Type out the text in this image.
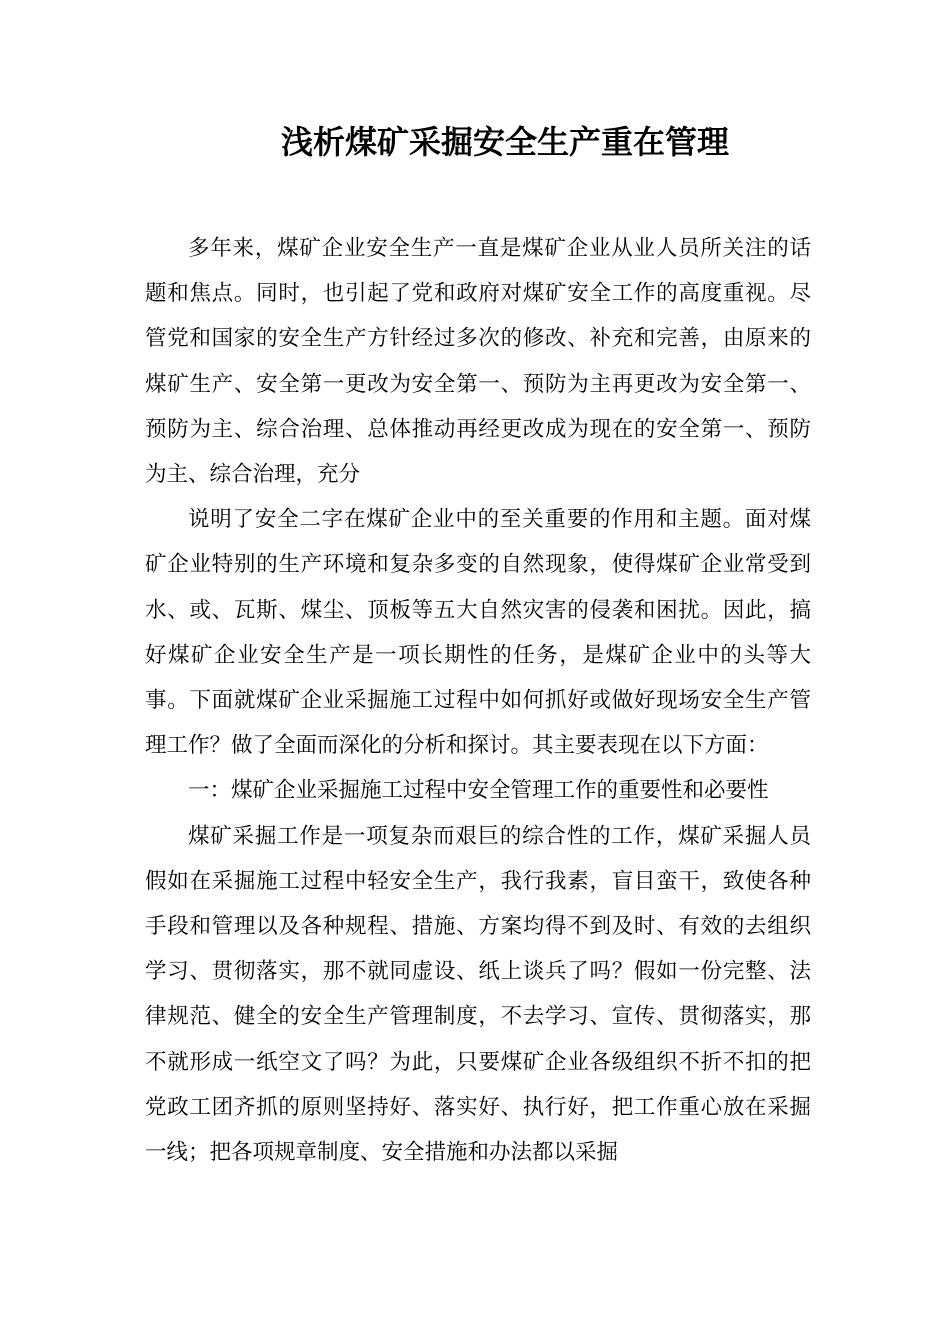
浅析煤矿采掘安全生产重在管理

多年来，煤矿企业安全生产一直是煤矿企业从业人员所关注的话题和焦点。同时，也引起了党和政府对煤矿安全工作的高度重视。尽管党和国家的安全生产方针经过多次的修改、补充和完善，由原来的煤矿生产、安全第一更改为安全第一、预防为主再更改为安全第一、预防为主、综合治理、总体推动再经更改成为现在的安全第一、预防为主、综合治理，充分

说明了安全二字在煤矿企业中的至关重要的作用和主题。面对煤矿企业特别的生产环境和复杂多变的自然现象，使得煤矿企业常受到水、或、瓦斯、煤尘、顶板等五大自然灾害的侵袭和困扰。因此，搞好煤矿企业安全生产是一项长期性的任务，是煤矿企业中的头等大事。下面就煤矿企业采掘施工过程中如何抓好或做好现场安全生产管理工作？做了全面而深化的分析和探讨。其主要表现在以下方面：

一：煤矿企业采掘施工过程中安全管理工作的重要性和必要性

煤矿采掘工作是一项复杂而艰巨的综合性的工作，煤矿采掘人员假如在采掘施工过程中轻安全生产，我行我素，盲目蛮干，致使各种手段和管理以及各种规程、措施、方案均得不到及时、有效的去组织学习、贯彻落实，那不就同虚设、纸上谈兵了吗？假如一份完整、法律规范、健全的安全生产管理制度，不去学习、宣传、贯彻落实，那不就形成一纸空文了吗？为此，只要煤矿企业各级组织不折不扣的把党政工团齐抓的原则坚持好、落实好、执行好，把工作重心放在采掘一线；把各项规章制度、安全措施和办法都以采掘
